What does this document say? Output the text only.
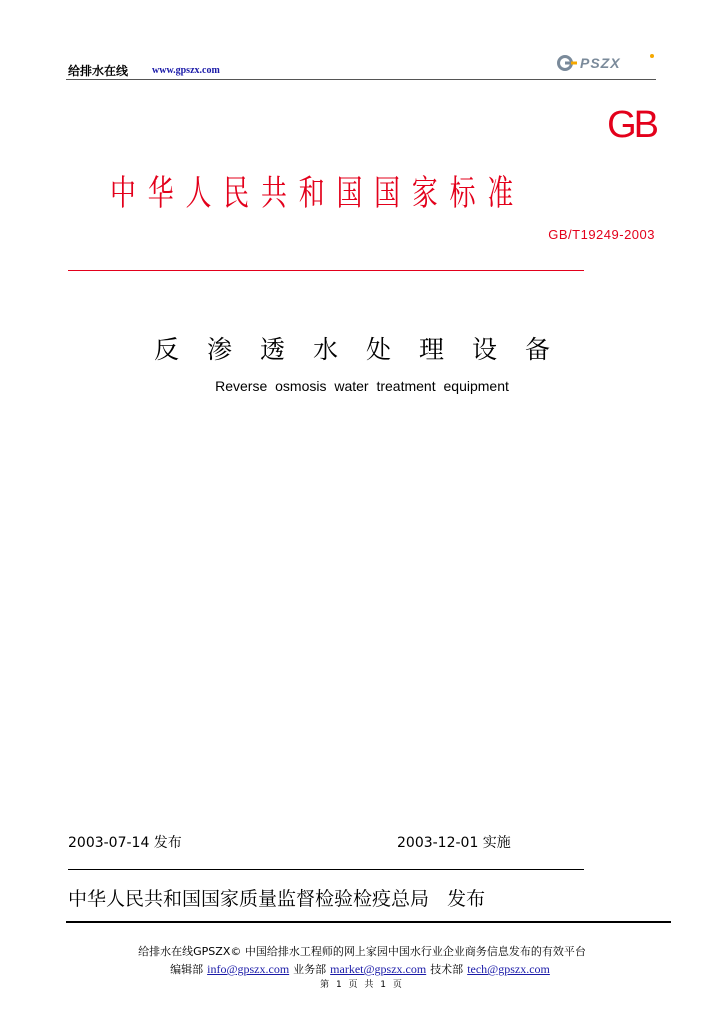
给排水在线 www.gpszx.com	PSZX
GB
中华人民共和国国家标准
GB/T19249-2003
反渗透水处理设备
Reverse osmosis water treatment equipment
2003-07-14 发布	2003-12-01 实施
中华人民共和国国家质量监督检验检疫总局 发布
给排水在线GPSZX© 中国给排水工程师的网上家园中国水行业企业商务信息发布的有效平台
编辑部 info@gpszx.com 业务部 market@gpszx.com 技术部 tech@gpszx.com
第 1 页 共 1 页
